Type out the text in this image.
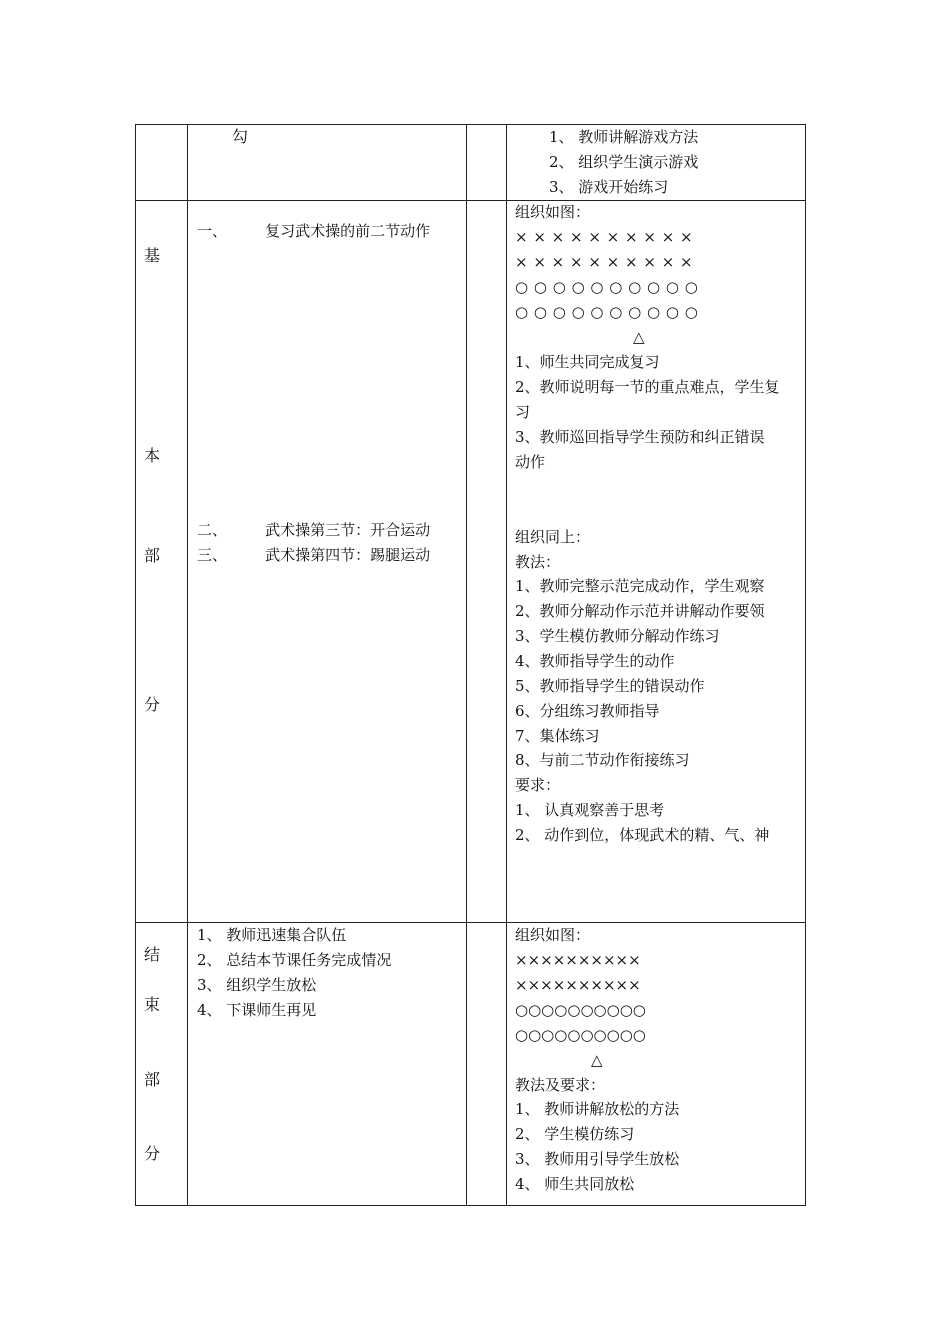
勾	1、 教师讲解游戏方法
2、 组织学生演示游戏
3、 游戏开始练习
基
本
部
分
一、        复习武术操的前二节动作
二、        武术操第三节：开合运动
三、        武术操第四节：踢腿运动
组织如图：
× × × × × × × × × ×
× × × × × × × × × ×
○ ○ ○ ○ ○ ○ ○ ○ ○ ○
○ ○ ○ ○ ○ ○ ○ ○ ○ ○
△
1、师生共同完成复习
2、教师说明每一节的重点难点，学生复
习
3、教师巡回指导学生预防和纠正错误
动作
组织同上：
教法：
1、教师完整示范完成动作，学生观察
2、教师分解动作示范并讲解动作要领
3、学生模仿教师分解动作练习
4、教师指导学生的动作
5、教师指导学生的错误动作
6、分组练习教师指导
7、集体练习
8、与前二节动作衔接练习
要求：
1、 认真观察善于思考
2、 动作到位，体现武术的精、气、神
结
束
部
分
1、 教师迅速集合队伍
2、 总结本节课任务完成情况
3、 组织学生放松
4、 下课师生再见
组织如图：
××××××××××
××××××××××
○○○○○○○○○○
○○○○○○○○○○
△
教法及要求：
1、 教师讲解放松的方法
2、 学生模仿练习
3、 教师用引导学生放松
4、 师生共同放松
